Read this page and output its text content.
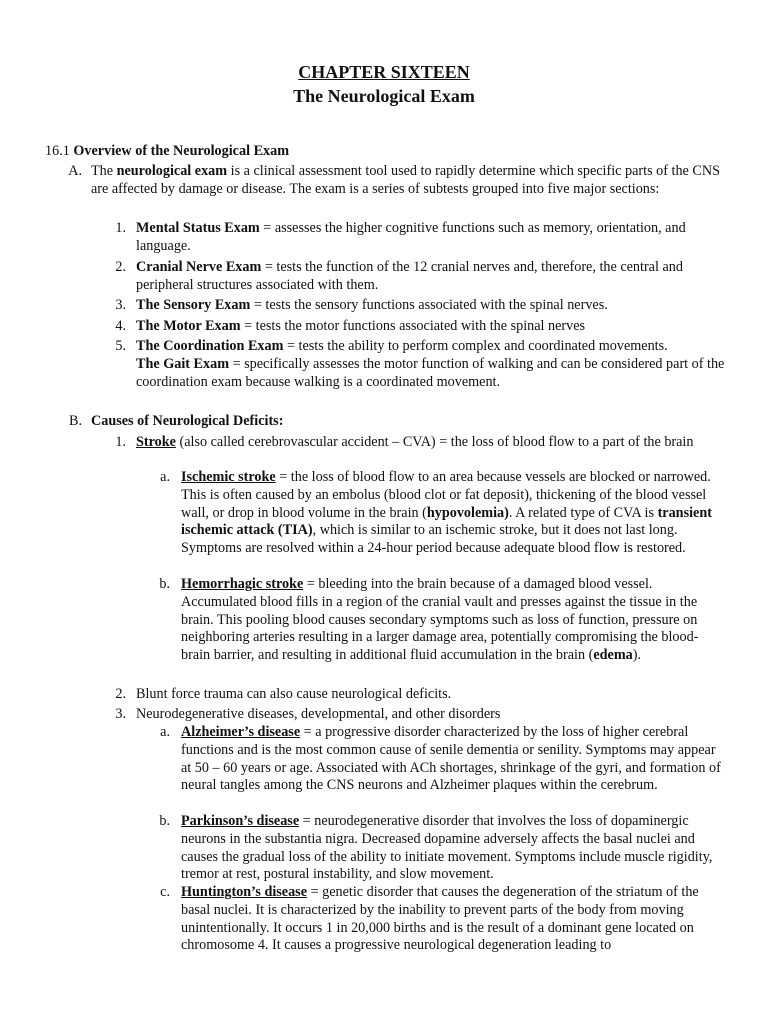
CHAPTER SIXTEEN
The Neurological Exam
16.1 Overview of the Neurological Exam
A. The neurological exam is a clinical assessment tool used to rapidly determine which specific parts of the CNS are affected by damage or disease. The exam is a series of subtests grouped into five major sections:
1. Mental Status Exam = assesses the higher cognitive functions such as memory, orientation, and language.
2. Cranial Nerve Exam = tests the function of the 12 cranial nerves and, therefore, the central and peripheral structures associated with them.
3. The Sensory Exam = tests the sensory functions associated with the spinal nerves.
4. The Motor Exam = tests the motor functions associated with the spinal nerves
5. The Coordination Exam = tests the ability to perform complex and coordinated movements.
The Gait Exam = specifically assesses the motor function of walking and can be considered part of the coordination exam because walking is a coordinated movement.
B. Causes of Neurological Deficits:
1. Stroke (also called cerebrovascular accident – CVA) = the loss of blood flow to a part of the brain
a. Ischemic stroke = the loss of blood flow to an area because vessels are blocked or narrowed. This is often caused by an embolus (blood clot or fat deposit), thickening of the blood vessel wall, or drop in blood volume in the brain (hypovolemia). A related type of CVA is transient ischemic attack (TIA), which is similar to an ischemic stroke, but it does not last long. Symptoms are resolved within a 24-hour period because adequate blood flow is restored.
b. Hemorrhagic stroke = bleeding into the brain because of a damaged blood vessel. Accumulated blood fills in a region of the cranial vault and presses against the tissue in the brain. This pooling blood causes secondary symptoms such as loss of function, pressure on neighboring arteries resulting in a larger damage area, potentially compromising the blood-brain barrier, and resulting in additional fluid accumulation in the brain (edema).
2. Blunt force trauma can also cause neurological deficits.
3. Neurodegenerative diseases, developmental, and other disorders
a. Alzheimer’s disease = a progressive disorder characterized by the loss of higher cerebral functions and is the most common cause of senile dementia or senility. Symptoms may appear at 50 – 60 years or age. Associated with ACh shortages, shrinkage of the gyri, and formation of neural tangles among the CNS neurons and Alzheimer plaques within the cerebrum.
b. Parkinson’s disease = neurodegenerative disorder that involves the loss of dopaminergic neurons in the substantia nigra. Decreased dopamine adversely affects the basal nuclei and causes the gradual loss of the ability to initiate movement. Symptoms include muscle rigidity, tremor at rest, postural instability, and slow movement.
c. Huntington’s disease = genetic disorder that causes the degeneration of the striatum of the basal nuclei. It is characterized by the inability to prevent parts of the body from moving unintentionally. It occurs 1 in 20,000 births and is the result of a dominant gene located on chromosome 4. It causes a progressive neurological degeneration leading to
